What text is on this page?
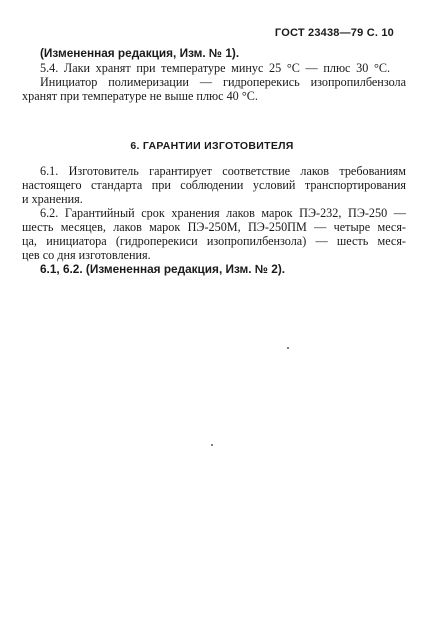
ГОСТ 23438—79 С. 10
(Измененная редакция, Изм. № 1).
5.4. Лаки хранят при температуре минус 25 °С — плюс 30 °С.
Инициатор полимеризации — гидроперекись изопропилбензола
хранят при температуре не выше плюс 40 °С.
6. ГАРАНТИИ ИЗГОТОВИТЕЛЯ
6.1. Изготовитель гарантирует соответствие лаков требованиям
настоящего стандарта при соблюдении условий транспортирования
и хранения.
6.2. Гарантийный срок хранения лаков марок ПЭ-232, ПЭ-250 —
шесть месяцев, лаков марок ПЭ-250М, ПЭ-250ПМ — четыре меся-
ца, инициатора (гидроперекиси изопропилбензола) — шесть меся-
цев со дня изготовления.
6.1, 6.2. (Измененная редакция, Изм. № 2).
